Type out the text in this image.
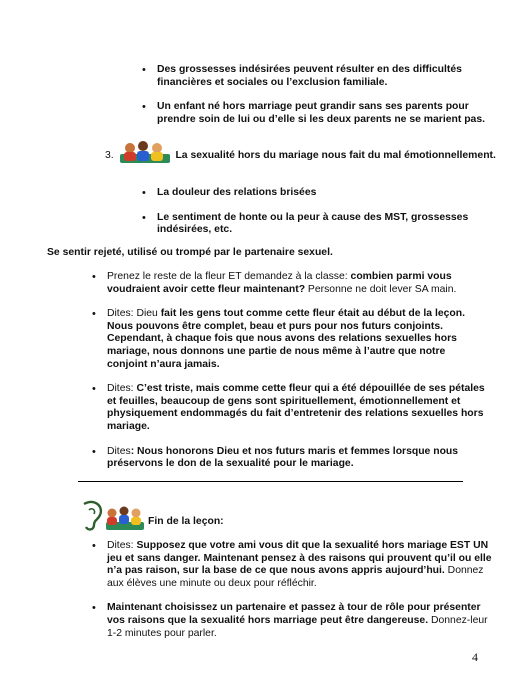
• Des grossesses indésirées peuvent résulter en des difficultés financières et sociales ou l’exclusion familiale.
• Un enfant né hors marriage peut grandir sans ses parents pour prendre soin de lui ou d’elle si les deux parents ne se marient pas.
3.	La sexualité hors du mariage nous fait du mal émotionnellement.
• La douleur des relations brisées
• Le sentiment de honte ou la peur à cause des MST, grossesses indésirées, etc.
Se sentir rejeté, utilisé ou trompé par le partenaire sexuel.
• Prenez le reste de la fleur ET demandez à la classe: combien parmi vous voudraient avoir cette fleur maintenant? Personne ne doit lever SA main.
• Dites: Dieu fait les gens tout comme cette fleur était au début de la leçon. Nous pouvons être complet, beau et purs pour nos futurs conjoints. Cependant, à chaque fois que nous avons des relations sexuelles hors mariage, nous donnons une partie de nous même à l’autre que notre conjoint n’aura jamais.
• Dites: C’est triste, mais comme cette fleur qui a été dépouillée de ses pétales et feuilles, beaucoup de gens sont spirituellement, émotionnellement et physiquement endommagés du fait d’entretenir des relations sexuelles hors mariage.
• Dites: Nous honorons Dieu et nos futurs maris et femmes lorsque nous préservons le don de la sexualité pour le mariage.
Fin de la leçon:
• Dites: Supposez que votre ami vous dit que la sexualité hors mariage EST UN jeu et sans danger. Maintenant pensez à des raisons qui prouvent qu’il ou elle n’a pas raison, sur la base de ce que nous avons appris aujourd’hui. Donnez aux élèves une minute ou deux pour réfléchir.
• Maintenant choisissez un partenaire et passez à tour de rôle pour présenter vos raisons que la sexualité hors marriage peut être dangereuse. Donnez-leur 1-2 minutes pour parler.
4
